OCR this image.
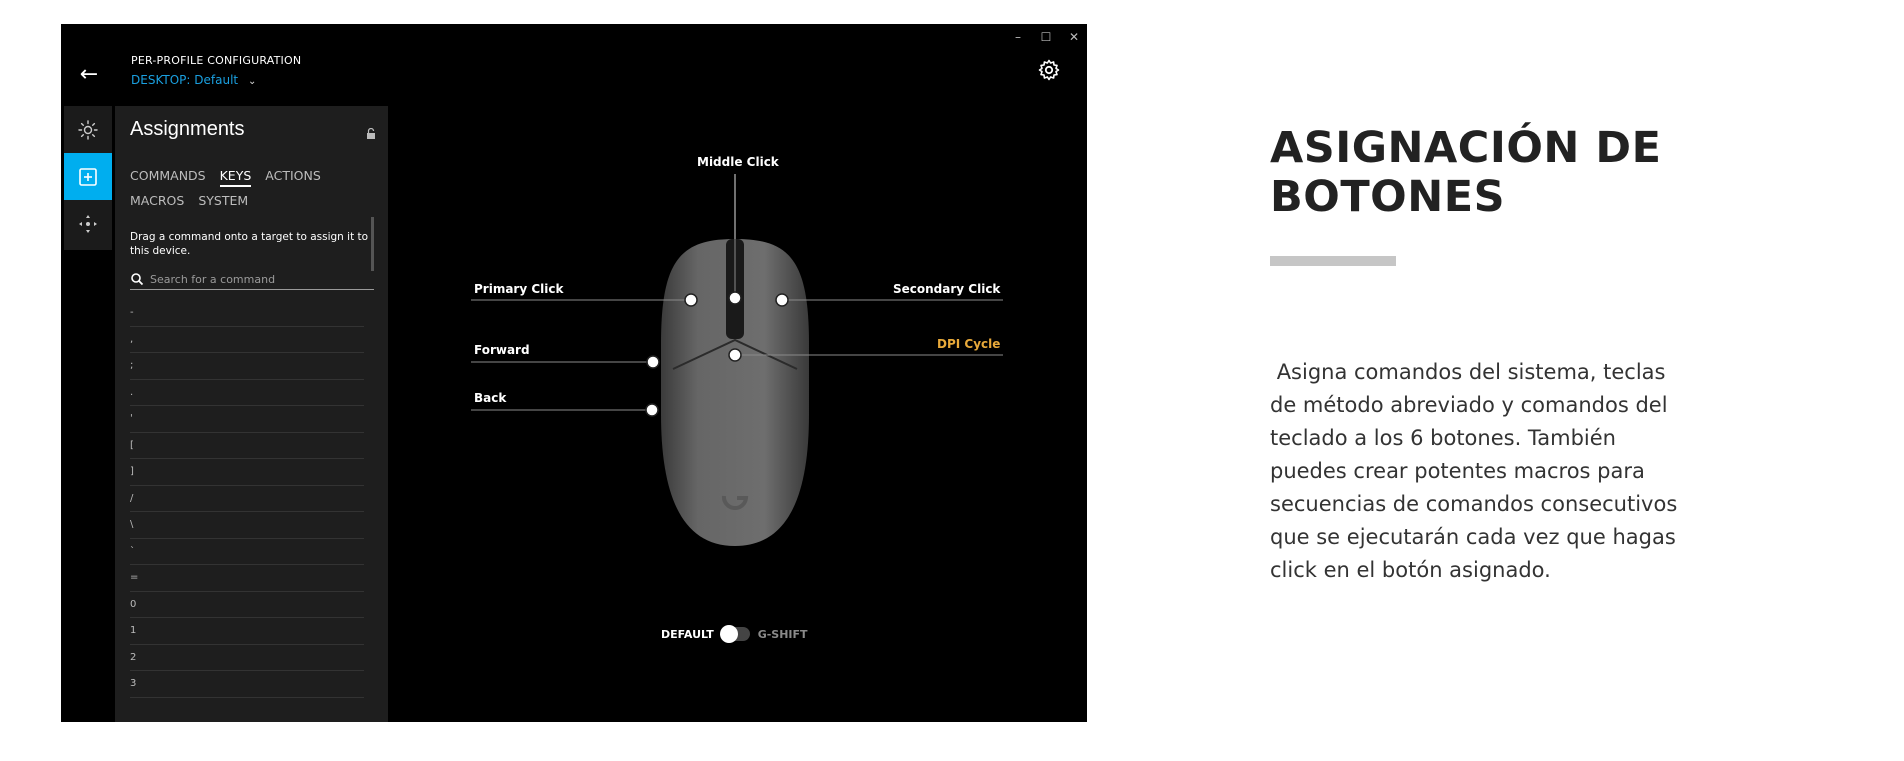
–	☐ ✕
←
PER-PROFILE CONFIGURATION
DESKTOP: Default ⌄
Assignments
COMMANDS KEYS ACTIONS
MACROS SYSTEM
Drag a command onto a target to assign it to this device.
Search for a command
-
,
;
.
'
[
]
/
\
`
=
0
1
2
3
Middle Click
Primary Click	Secondary Click
Forward	DPI Cycle
Back
DEFAULT	G-SHIFT
ASIGNACIÓN DE
BOTONES
Asigna comandos del sistema, teclas
de método abreviado y comandos del
teclado a los 6 botones. También
puedes crear potentes macros para
secuencias de comandos consecutivos
que se ejecutarán cada vez que hagas
click en el botón asignado.
